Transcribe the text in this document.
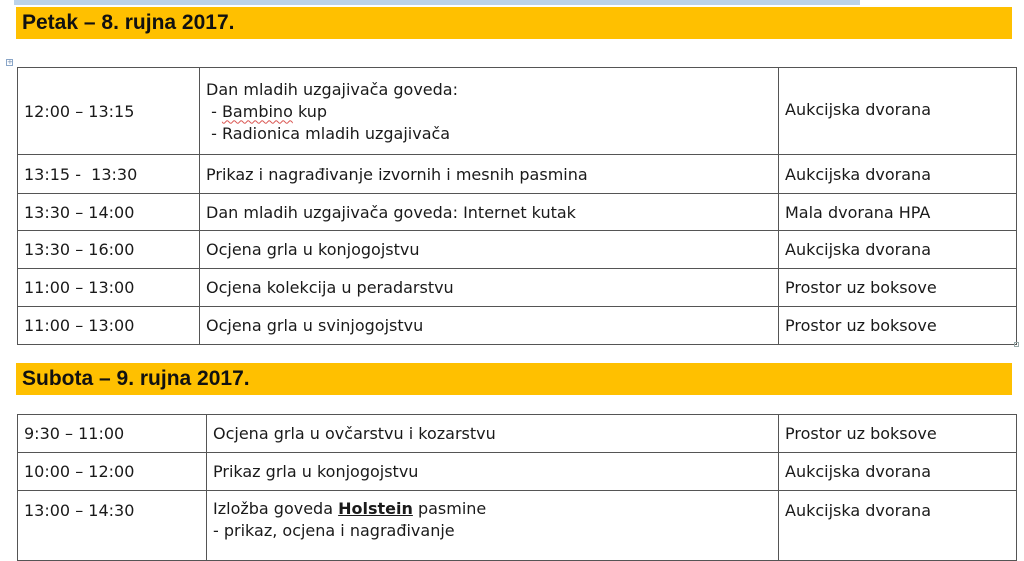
Petak – 8. rujna 2017.
+
12:00 – 13:15	Dan mladih uzgajivača goveda:
- Bambino kup
- Radionica mladih uzgajivača	Aukcijska dvorana
13:15 -  13:30	Prikaz i nagrađivanje izvornih i mesnih pasmina	Aukcijska dvorana
13:30 – 14:00	Dan mladih uzgajivača goveda: Internet kutak	Mala dvorana HPA
13:30 – 16:00	Ocjena grla u konjogojstvu	Aukcijska dvorana
11:00 – 13:00	Ocjena kolekcija u peradarstvu	Prostor uz boksove
11:00 – 13:00	Ocjena grla u svinjogojstvu	Prostor uz boksove
Subota – 9. rujna 2017.
9:30 – 11:00	Ocjena grla u ovčarstvu i kozarstvu	Prostor uz boksove
10:00 – 12:00	Prikaz grla u konjogojstvu	Aukcijska dvorana
13:00 – 14:30	Izložba goveda Holstein pasmine
- prikaz, ocjena i nagrađivanje	Aukcijska dvorana
